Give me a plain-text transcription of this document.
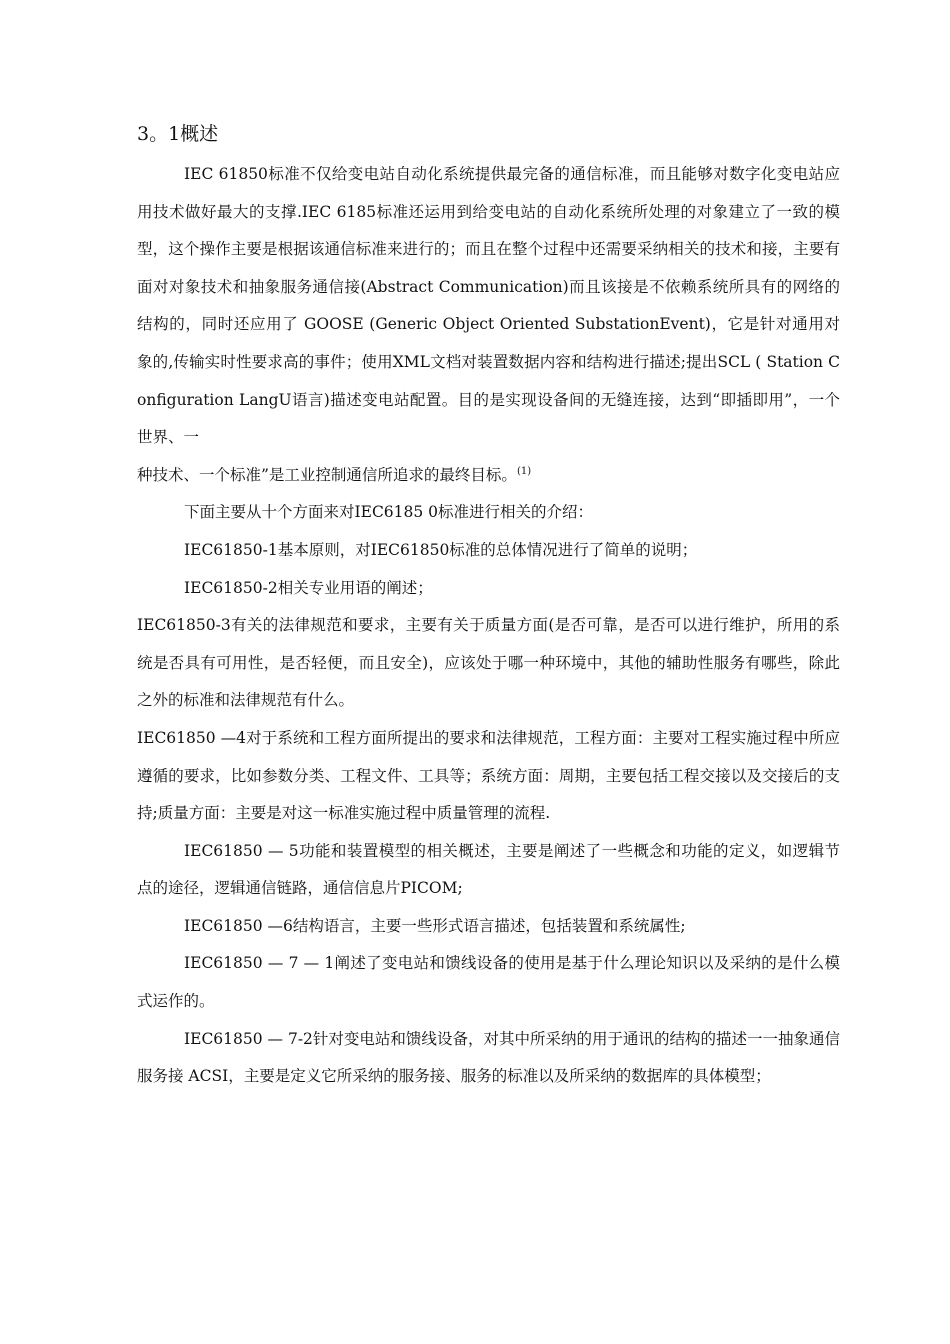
3。1概述

IEC 61850标准不仅给变电站自动化系统提供最完备的通信标准，而且能够对数字化变电站应用技术做好最大的支撑.IEC 6185标准还运用到给变电站的自动化系统所处理的对象建立了一致的模型，这个操作主要是根据该通信标准来进行的；而且在整个过程中还需要采纳相关的技术和接，主要有面对对象技术和抽象服务通信接(Abstract Communication)而且该接是不依赖系统所具有的网络的结构的，同时还应用了 GOOSE (Generic Object Oriented SubstationEvent)，它是针对通用对象的,传输实时性要求高的事件；使用XML文档对装置数据内容和结构进行描述;提出SCL ( Station Configuration LangU语言)描述变电站配置。目的是实现设备间的无缝连接，达到“即插即用”，一个世界、一

种技术、一个标准”是工业控制通信所追求的最终目标。$^{(1)}$

下面主要从十个方面来对IEC6185 0标准进行相关的介绍：

IEC61850-1基本原则，对IEC61850标准的总体情况进行了简单的说明；

IEC61850-2相关专业用语的阐述；

IEC61850-3有关的法律规范和要求，主要有关于质量方面(是否可靠，是否可以进行维护，所用的系统是否具有可用性，是否轻便，而且安全)，应该处于哪一种环境中，其他的辅助性服务有哪些，除此之外的标准和法律规范有什么。

IEC61850 —4对于系统和工程方面所提出的要求和法律规范，工程方面：主要对工程实施过程中所应遵循的要求，比如参数分类、工程文件、工具等；系统方面：周期，主要包括工程交接以及交接后的支持;质量方面：主要是对这一标准实施过程中质量管理的流程.

IEC61850 — 5功能和装置模型的相关概述，主要是阐述了一些概念和功能的定义，如逻辑节点的途径，逻辑通信链路，通信信息片PICOM;

IEC61850 —6结构语言，主要一些形式语言描述，包括装置和系统属性;

IEC61850 — 7 — 1阐述了变电站和馈线设备的使用是基于什么理论知识以及采纳的是什么模式运作的。

IEC61850 — 7-2针对变电站和馈线设备，对其中所采纳的用于通讯的结构的描述一一抽象通信服务接 ACSI，主要是定义它所采纳的服务接、服务的标准以及所采纳的数据库的具体模型；
